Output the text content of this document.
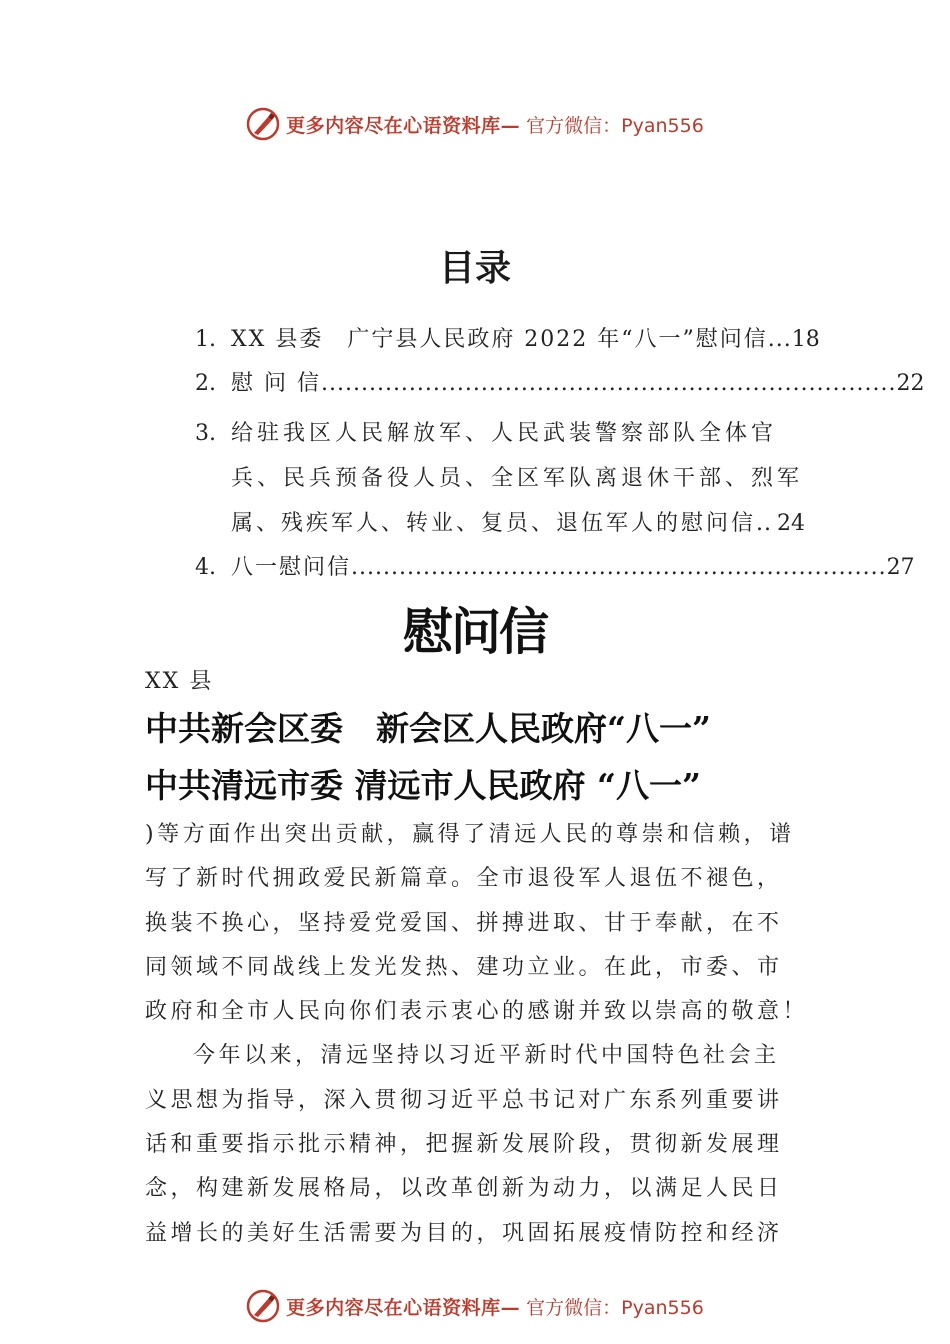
更多内容尽在心语资料库— 官方微信：Pyan556
目录
1. XX 县委　广宁县人民政府 2022 年“八一”慰问信 ... 18
2. 慰 问 信 ........................................................................ 22
3. 给驻我区人民解放军、人民武装警察部队全体官
兵、民兵预备役人员、全区军队离退休干部、烈军
属、残疾军人、转业、复员、退伍军人的慰问信 .. 24
4. 八一慰问信 ................................................................... 27
慰问信
XX 县
中共新会区委　新会区人民政府“八一”
中共清远市委 清远市人民政府 “八一”

)等方面作出突出贡献，赢得了清远人民的尊崇和信赖，谱
写了新时代拥政爱民新篇章。全市退役军人退伍不褪色，
换装不换心，坚持爱党爱国、拼搏进取、甘于奉献，在不
同领域不同战线上发光发热、建功立业。在此，市委、市
政府和全市人民向你们表示衷心的感谢并致以崇高的敬意！

今年以来，清远坚持以习近平新时代中国特色社会主
义思想为指导，深入贯彻习近平总书记对广东系列重要讲
话和重要指示批示精神，把握新发展阶段，贯彻新发展理
念，构建新发展格局，以改革创新为动力，以满足人民日
益增长的美好生活需要为目的，巩固拓展疫情防控和经济

更多内容尽在心语资料库— 官方微信：Pyan556
